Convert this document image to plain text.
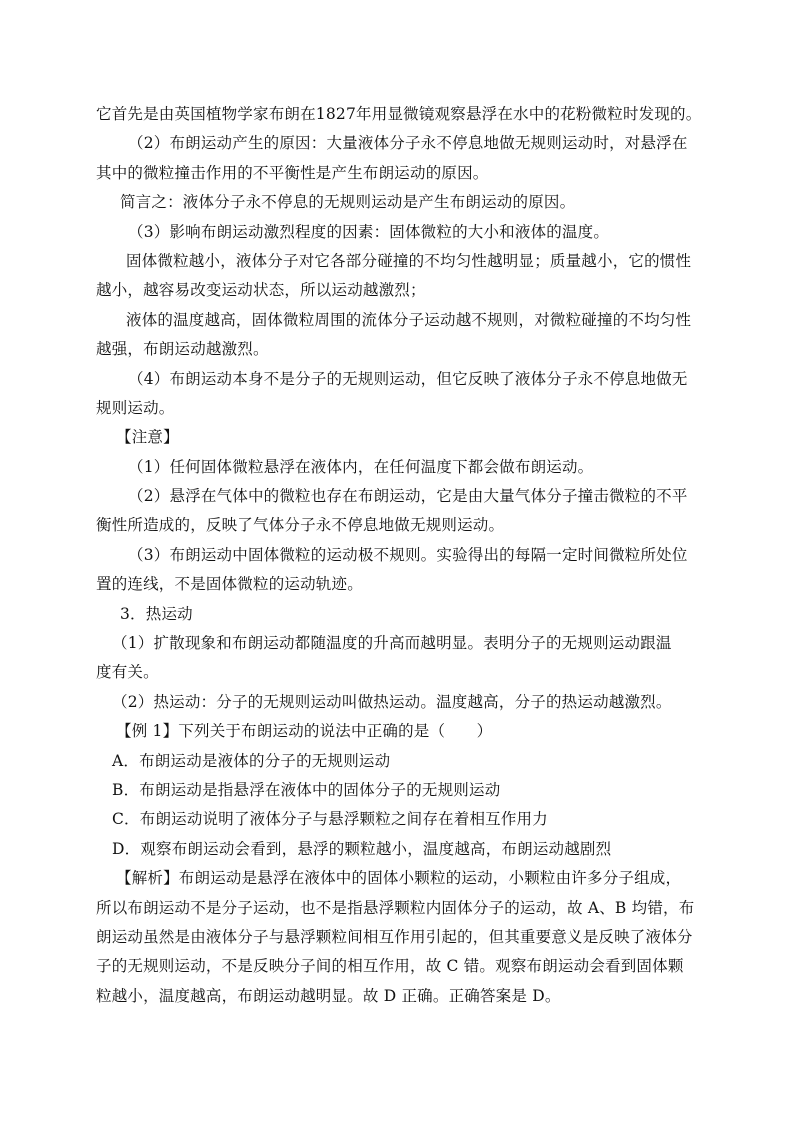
它首先是由英国植物学家布朗在1827年用显微镜观察悬浮在水中的花粉微粒时发现的。
（2）布朗运动产生的原因：大量液体分子永不停息地做无规则运动时，对悬浮在
其中的微粒撞击作用的不平衡性是产生布朗运动的原因。
简言之：液体分子永不停息的无规则运动是产生布朗运动的原因。
（3）影响布朗运动激烈程度的因素：固体微粒的大小和液体的温度。
固体微粒越小，液体分子对它各部分碰撞的不均匀性越明显；质量越小，它的惯性
越小，越容易改变运动状态，所以运动越激烈；
液体的温度越高，固体微粒周围的流体分子运动越不规则，对微粒碰撞的不均匀性
越强，布朗运动越激烈。
（4）布朗运动本身不是分子的无规则运动，但它反映了液体分子永不停息地做无
规则运动。
【注意】
（1）任何固体微粒悬浮在液体内，在任何温度下都会做布朗运动。
（2）悬浮在气体中的微粒也存在布朗运动，它是由大量气体分子撞击微粒的不平
衡性所造成的，反映了气体分子永不停息地做无规则运动。
（3）布朗运动中固体微粒的运动极不规则。实验得出的每隔一定时间微粒所处位
置的连线，不是固体微粒的运动轨迹。
3．热运动
（1）扩散现象和布朗运动都随温度的升高而越明显。表明分子的无规则运动跟温
度有关。
（2）热运动：分子的无规则运动叫做热运动。温度越高，分子的热运动越激烈。
【例 1】下列关于布朗运动的说法中正确的是（　　）
A．布朗运动是液体的分子的无规则运动
B．布朗运动是指悬浮在液体中的固体分子的无规则运动
C．布朗运动说明了液体分子与悬浮颗粒之间存在着相互作用力
D．观察布朗运动会看到，悬浮的颗粒越小，温度越高，布朗运动越剧烈
【解析】布朗运动是悬浮在液体中的固体小颗粒的运动，小颗粒由许多分子组成，
所以布朗运动不是分子运动，也不是指悬浮颗粒内固体分子的运动，故 A、B 均错，布
朗运动虽然是由液体分子与悬浮颗粒间相互作用引起的，但其重要意义是反映了液体分
子的无规则运动，不是反映分子间的相互作用，故 C 错。观察布朗运动会看到固体颗
粒越小，温度越高，布朗运动越明显。故 D 正确。正确答案是 D。
